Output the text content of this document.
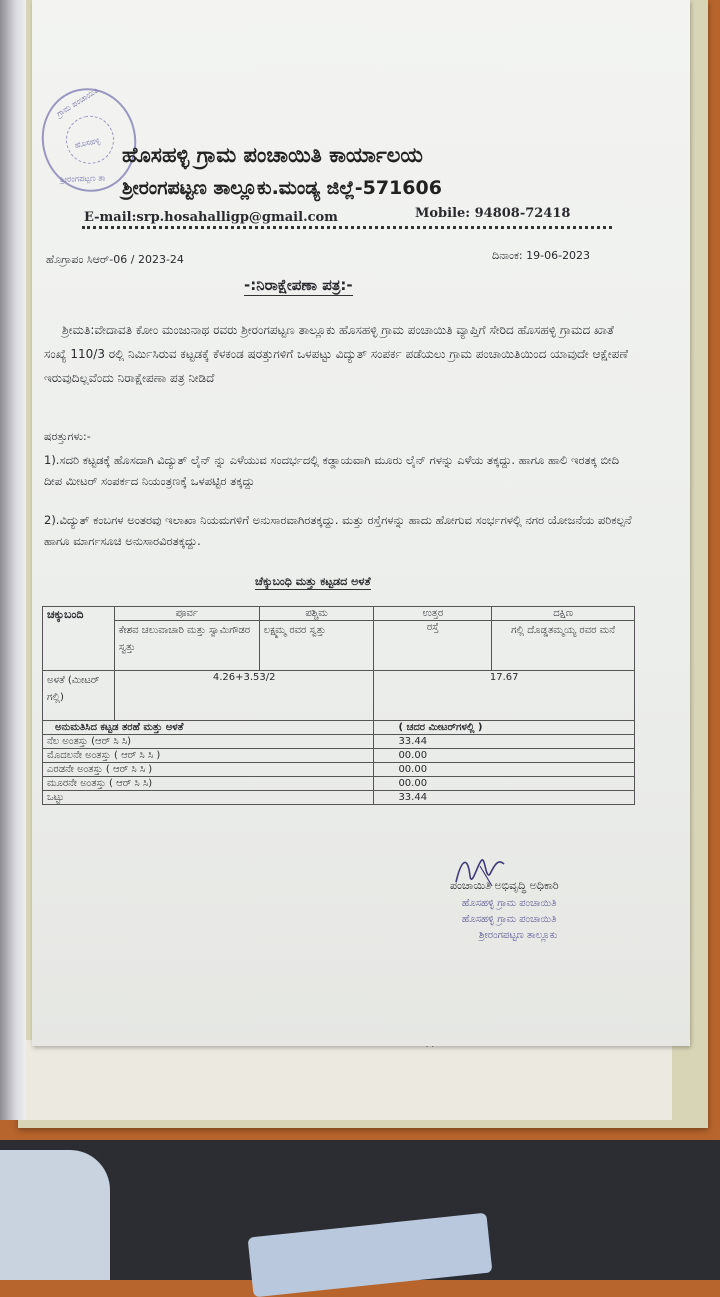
ಗ್ರಾಮ ಪಂಚಾಯಿತಿ
ಹೊಸಹಳ್ಳಿ
ಶ್ರೀರಂಗಪಟ್ಟಣ ತಾ
ಹೊಸಹಳ್ಳಿ ಗ್ರಾಮ ಪಂಚಾಯಿತಿ ಕಾರ್ಯಾಲಯ
ಶ್ರೀರಂಗಪಟ್ಟಣ ತಾಲ್ಲೂಕು.ಮಂಡ್ಯ ಜಿಲ್ಲೆ-571606
E-mail:srp.hosahalligp@gmail.com	Mobile: 94808-72418
ಹೊಗ್ರಾಪಂ ಸಿಆರ್-06 / 2023-24	ದಿನಾಂಕ: 19-06-2023
-:ನಿರಾಕ್ಷೇಪಣಾ ಪತ್ರ:-
ಶ್ರೀಮತಿ:ವೇದಾವತಿ ಕೋಂ ಮಂಜುನಾಥ ರವರು ಶ್ರೀರಂಗಪಟ್ಟಣ ತಾಲ್ಲೂಕು ಹೊಸಹಳ್ಳಿ ಗ್ರಾಮ ಪಂಚಾಯಿತಿ ವ್ಯಾಪ್ತಿಗೆ ಸೇರಿದ ಹೊಸಹಳ್ಳಿ ಗ್ರಾಮದ ಖಾತೆ ಸಂಖ್ಯೆ 110/3 ರಲ್ಲಿ ನಿರ್ಮಿಸಿರುವ ಕಟ್ಟಡಕ್ಕೆ ಕೆಳಕಂಡ ಷರತ್ತುಗಳಿಗೆ ಒಳಪಟ್ಟು ವಿದ್ಯುತ್ ಸಂಪರ್ಕ ಪಡೆಯಲು ಗ್ರಾಮ ಪಂಚಾಯಿತಿಯಿಂದ ಯಾವುದೇ ಆಕ್ಷೇಪಣೆ ಇರುವುದಿಲ್ಲವೆಂದು ನಿರಾಕ್ಷೇಪಣಾ ಪತ್ರ ನೀಡಿದೆ
ಷರತ್ತುಗಳು:-
1).ಸದರಿ ಕಟ್ಟಡಕ್ಕೆ ಹೊಸದಾಗಿ ವಿದ್ಯುತ್ ಲೈನ್ ನ್ನು ಎಳೆಯುವ ಸಂದರ್ಭದಲ್ಲಿ ಕಡ್ಡಾಯವಾಗಿ ಮೂರು ಲೈನ್ ಗಳನ್ನು ಎಳೆಯ ತಕ್ಕದ್ದು. ಹಾಗೂ ಹಾಲಿ ಇರತಕ್ಕ ಬೀದಿ ದೀಪ ಮೀಟರ್ ಸಂಪರ್ಕದ ನಿಯಂತ್ರಣಕ್ಕೆ ಒಳಪಟ್ಟಿರ ತಕ್ಕದ್ದು
2).ವಿದ್ಯುತ್ ಕಂಬಗಳ ಅಂತರವು ಇಲಾಖಾ ನಿಯಮಗಳಿಗೆ ಅನುಸಾರವಾಗಿರತಕ್ಕದ್ದು. ಮತ್ತು ರಸ್ತೆಗಳನ್ನು ಹಾದು ಹೋಗುವ ಸಂರ್ಭಗಳಲ್ಲಿ ನಗರ ಯೋಜನೆಯ ಪರಿಕಲ್ಪನೆ ಹಾಗೂ ಮಾರ್ಗಸೂಚಿ ಅನುಸಾರವಿರತಕ್ಕದ್ದು.
ಚೆಕ್ಕುಬಂಧಿ ಮತ್ತು ಕಟ್ಟಡದ ಅಳತೆ
ಚಕ್ಕುಬಂದಿ	ಪೂರ್ವ	ಪಶ್ಚಿಮ	ಉತ್ತರ	ದಕ್ಷಿಣ
	ಕೇಶವ ಚಲುವಾಚಾರಿ ಮತ್ತು ಸ್ವಾಮಿಗೌಡರ ಸ್ವತ್ತು	ಲಕ್ಷ್ಮಮ್ಮ ರವರ ಸ್ವತ್ತು	ರಸ್ತೆ	ಗಲ್ಲಿ ದೊಡ್ಡತಮ್ಮಯ್ಯ ರವರ ಮನೆ
ಅಳತೆ (ಮೀಟರ್ ಗಲ್ಲಿ)	4.26+3.53/2		17.67	
ಅನುಮತಿಸಿದ ಕಟ್ಟಡ ತರಹೆ ಮತ್ತು ಅಳತೆ			( ಚದರ ಮೀಟರ್‌ಗಳಲ್ಲಿ )	
ನೆಲ ಅಂತಸ್ತು (ಆರ್ ಸಿ ಸಿ)			33.44	
ಮೊದಲನೇ ಅಂತಸ್ತು ( ಆರ್ ಸಿ ಸಿ )			00.00	
ಎರಡನೇ ಅಂತಸ್ತು ( ಆರ್ ಸಿ ಸಿ )			00.00	
ಮೂರನೇ ಅಂತಸ್ತು ( ಆರ್ ಸಿ ಸಿ)			00.00	
ಒಟ್ಟು			33.44	
ಪಂಚಾಯಿತಿ ಅಭಿವೃದ್ಧಿ ಅಧಿಕಾರಿ
ಹೊಸಹಳ್ಳಿ ಗ್ರಾಮ ಪಂಚಾಯಿತಿ
ಹೊಸಹಳ್ಳಿ ಗ್ರಾಮ ಪಂಚಾಯಿತಿ
ಶ್ರೀರಂಗಪಟ್ಟಣ ತಾಲ್ಲೂಕು
